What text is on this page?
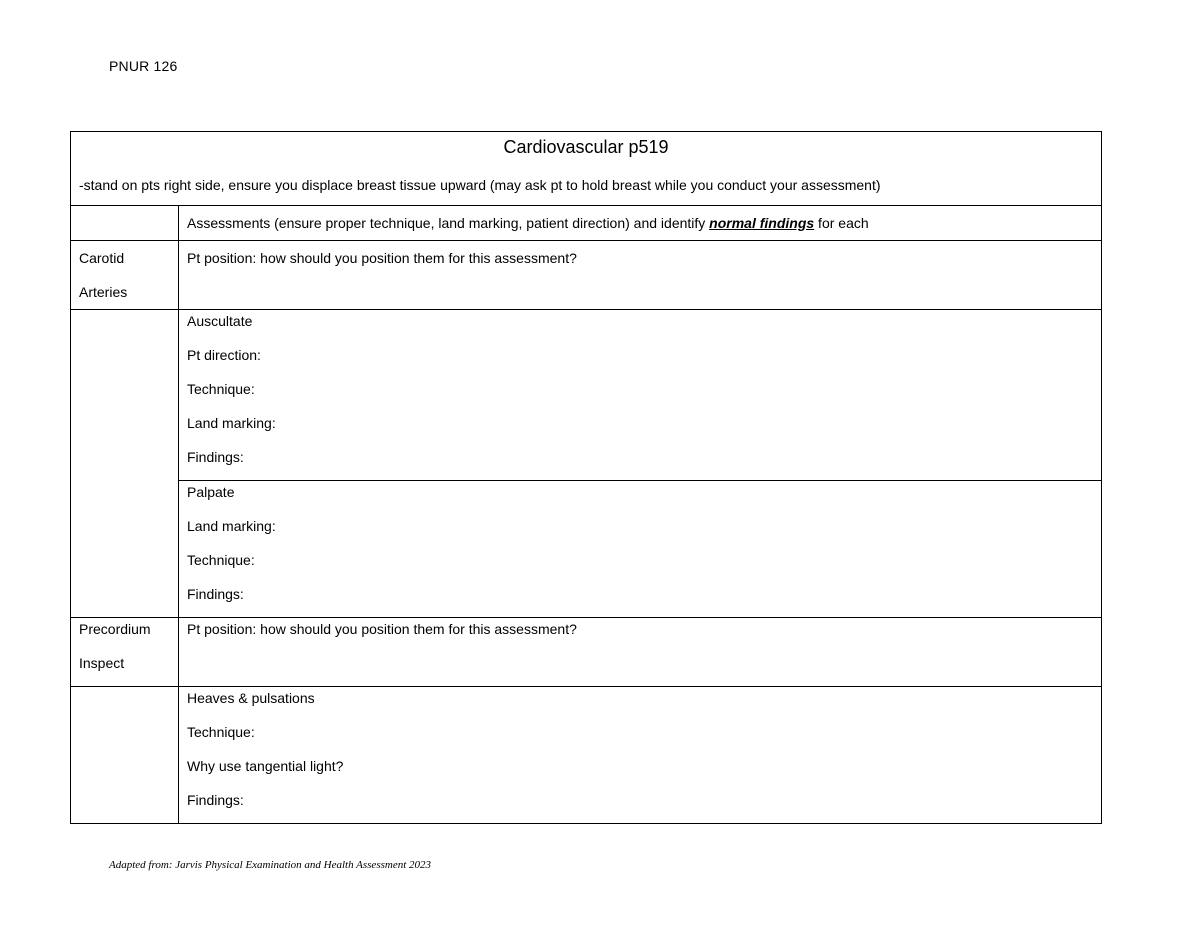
PNUR 126
Cardiovascular p519
-stand on pts right side, ensure you displace breast tissue upward (may ask pt to hold breast while you conduct your assessment)	

	Assessments (ensure proper technique, land marking, patient direction) and identify normal findings for each

Carotid
Arteries	Pt position: how should you position them for this assessment?

	Auscultate
Pt direction:
Technique:
Land marking:
Findings:

	Palpate
Land marking:
Technique:
Findings:

Precordium
Inspect	Pt position: how should you position them for this assessment?

	Heaves & pulsations
Technique:
Why use tangential light?
Findings:
Adapted from: Jarvis Physical Examination and Health Assessment 2023
